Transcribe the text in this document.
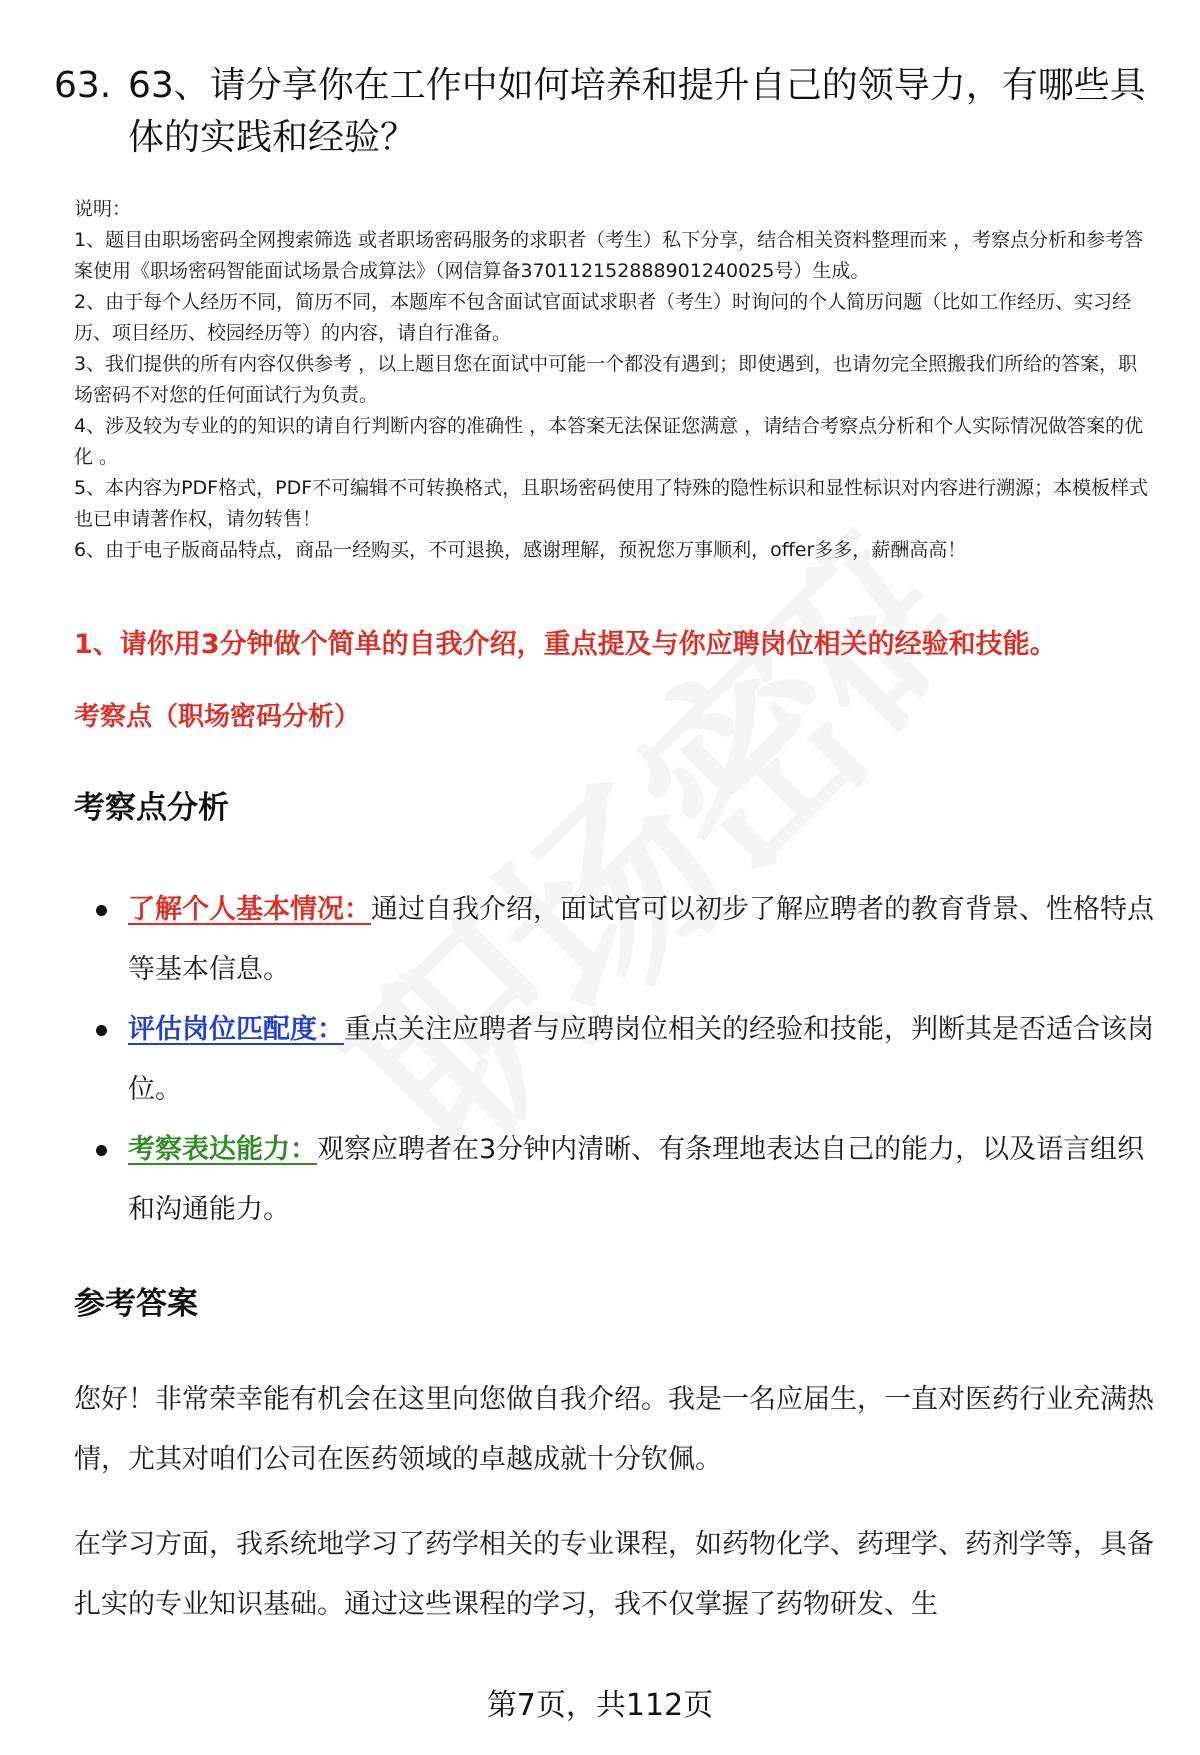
63. 63、请分享你在工作中如何培养和提升自己的领导力，有哪些具体的实践和经验？

说明：

1、题目由职场密码全网搜索筛选 或者职场密码服务的求职者（考生）私下分享，结合相关资料整理而来 ，考察点分析和参考答案使用《职场密码智能面试场景合成算法》（网信算备370112152888901240025号）生成。

2、由于每个人经历不同，简历不同，本题库不包含面试官面试求职者（考生）时询问的个人简历问题（比如工作经历、实习经历、项目经历、校园经历等）的内容，请自行准备。

3、我们提供的所有内容仅供参考 ，以上题目您在面试中可能一个都没有遇到；即使遇到，也请勿完全照搬我们所给的答案，职场密码不对您的任何面试行为负责。

4、涉及较为专业的的知识的请自行判断内容的准确性 ，本答案无法保证您满意 ，请结合考察点分析和个人实际情况做答案的优化 。

5、本内容为PDF格式，PDF不可编辑不可转换格式，且职场密码使用了特殊的隐性标识和显性标识对内容进行溯源；本模板样式也已申请著作权，请勿转售！

6、由于电子版商品特点，商品一经购买，不可退换，感谢理解，预祝您万事顺利，offer多多，薪酬高高！

1、请你用3分钟做个简单的自我介绍，重点提及与你应聘岗位相关的经验和技能。
考察点（职场密码分析）
考察点分析
了解个人基本情况：通过自我介绍，面试官可以初步了解应聘者的教育背景、性格特点等基本信息。
评估岗位匹配度：重点关注应聘者与应聘岗位相关的经验和技能，判断其是否适合该岗位。
考察表达能力：观察应聘者在3分钟内清晰、有条理地表达自己的能力，以及语言组织和沟通能力。
参考答案

您好！非常荣幸能有机会在这里向您做自我介绍。我是一名应届生，一直对医药行业充满热情，尤其对咱们公司在医药领域的卓越成就十分钦佩。

在学习方面，我系统地学习了药学相关的专业课程，如药物化学、药理学、药剂学等，具备扎实的专业知识基础。通过这些课程的学习，我不仅掌握了药物研发、生

第7页，共112页
